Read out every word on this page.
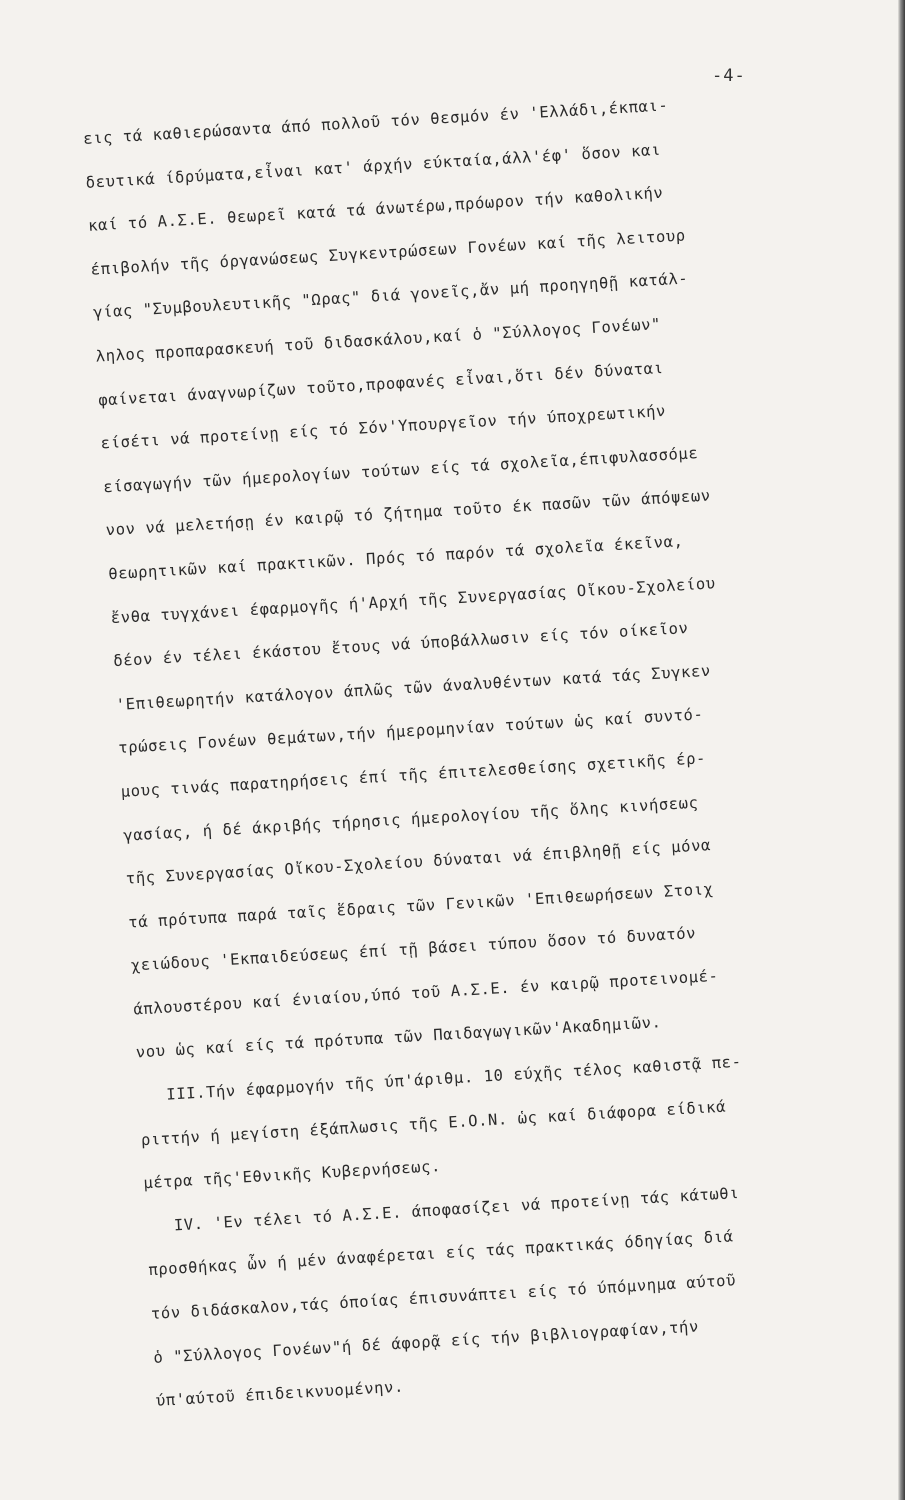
-4-
εις τά καθιερώσαντα άπό πολλοῦ τόν θεσμόν έν 'Ελλάδι,έκπαι-
δευτικά ίδρύματα,εἶναι κατ' άρχήν εύκταία,άλλ'έφ' ὅσον και
καί τό Α.Σ.Ε. θεωρεῖ κατά τά άνωτέρω,πρόωρον τήν καθολικήν
έπιβολήν τῆς όργανώσεως Συγκεντρώσεων Γονέων καί τῆς λειτουρ
γίας "Συμβουλευτικῆς "Ωρας" διά γονεῖς,ἄν μή προηγηθῇ κατάλ-
ληλος προπαρασκευή τοῦ διδασκάλου,καί ὁ "Σύλλογος Γονέων"
φαίνεται άναγνωρίζων τοῦτο,προφανές εἶναι,ὅτι δέν δύναται
είσέτι νά προτείνῃ είς τό Σόν'Υπουργεῖον τήν ύποχρεωτικήν
είσαγωγήν τῶν ήμερολογίων τούτων είς τά σχολεῖα,έπιφυλασσόμε
νον νά μελετήσῃ έν καιρῷ τό ζήτημα τοῦτο έκ πασῶν τῶν άπόψεων
θεωρητικῶν καί πρακτικῶν. Πρός τό παρόν τά σχολεῖα έκεῖνα,
ἔνθα τυγχάνει έφαρμογῆς ή'Αρχή τῆς Συνεργασίας Οἴκου-Σχολείου
δέον έν τέλει έκάστου ἔτους νά ύποβάλλωσιν είς τόν οίκεῖον
'Επιθεωρητήν κατάλογον άπλῶς τῶν άναλυθέντων κατά τάς Συγκεν
τρώσεις Γονέων θεμάτων,τήν ήμερομηνίαν τούτων ὡς καί συντό-
μους τινάς παρατηρήσεις έπί τῆς έπιτελεσθείσης σχετικῆς έρ-
γασίας, ή δέ άκριβής τήρησις ήμερολογίου τῆς ὅλης κινήσεως
τῆς Συνεργασίας Οἴκου-Σχολείου δύναται νά έπιβληθῇ είς μόνα
τά πρότυπα παρά ταῖς ἕδραις τῶν Γενικῶν 'Επιθεωρήσεων Στοιχ
χειώδους 'Εκπαιδεύσεως έπί τῇ βάσει τύπου ὅσον τό δυνατόν
άπλουστέρου καί ένιαίου,ύπό τοῦ Α.Σ.Ε. έν καιρῷ προτεινομέ-
νου ὡς καί είς τά πρότυπα τῶν Παιδαγωγικῶν'Ακαδημιῶν.
III.Τήν έφαρμογήν τῆς ύπ'άριθμ. 10 εύχῆς τέλος καθιστᾷ πε-
ριττήν ή μεγίστη έξάπλωσις τῆς Ε.Ο.Ν. ὡς καί διάφορα είδικά
μέτρα τῆς'Εθνικῆς Κυβερνήσεως.
IV. 'Εν τέλει τό Α.Σ.Ε. άποφασίζει νά προτείνῃ τάς κάτωθι
προσθήκας ὧν ή μέν άναφέρεται είς τάς πρακτικάς όδηγίας διά
τόν διδάσκαλον,τάς όποίας έπισυνάπτει είς τό ύπόμνημα αύτοῦ
ὁ "Σύλλογος Γονέων"ή δέ άφορᾷ είς τήν βιβλιογραφίαν,τήν
ύπ'αύτοῦ έπιδεικνυομένην.
